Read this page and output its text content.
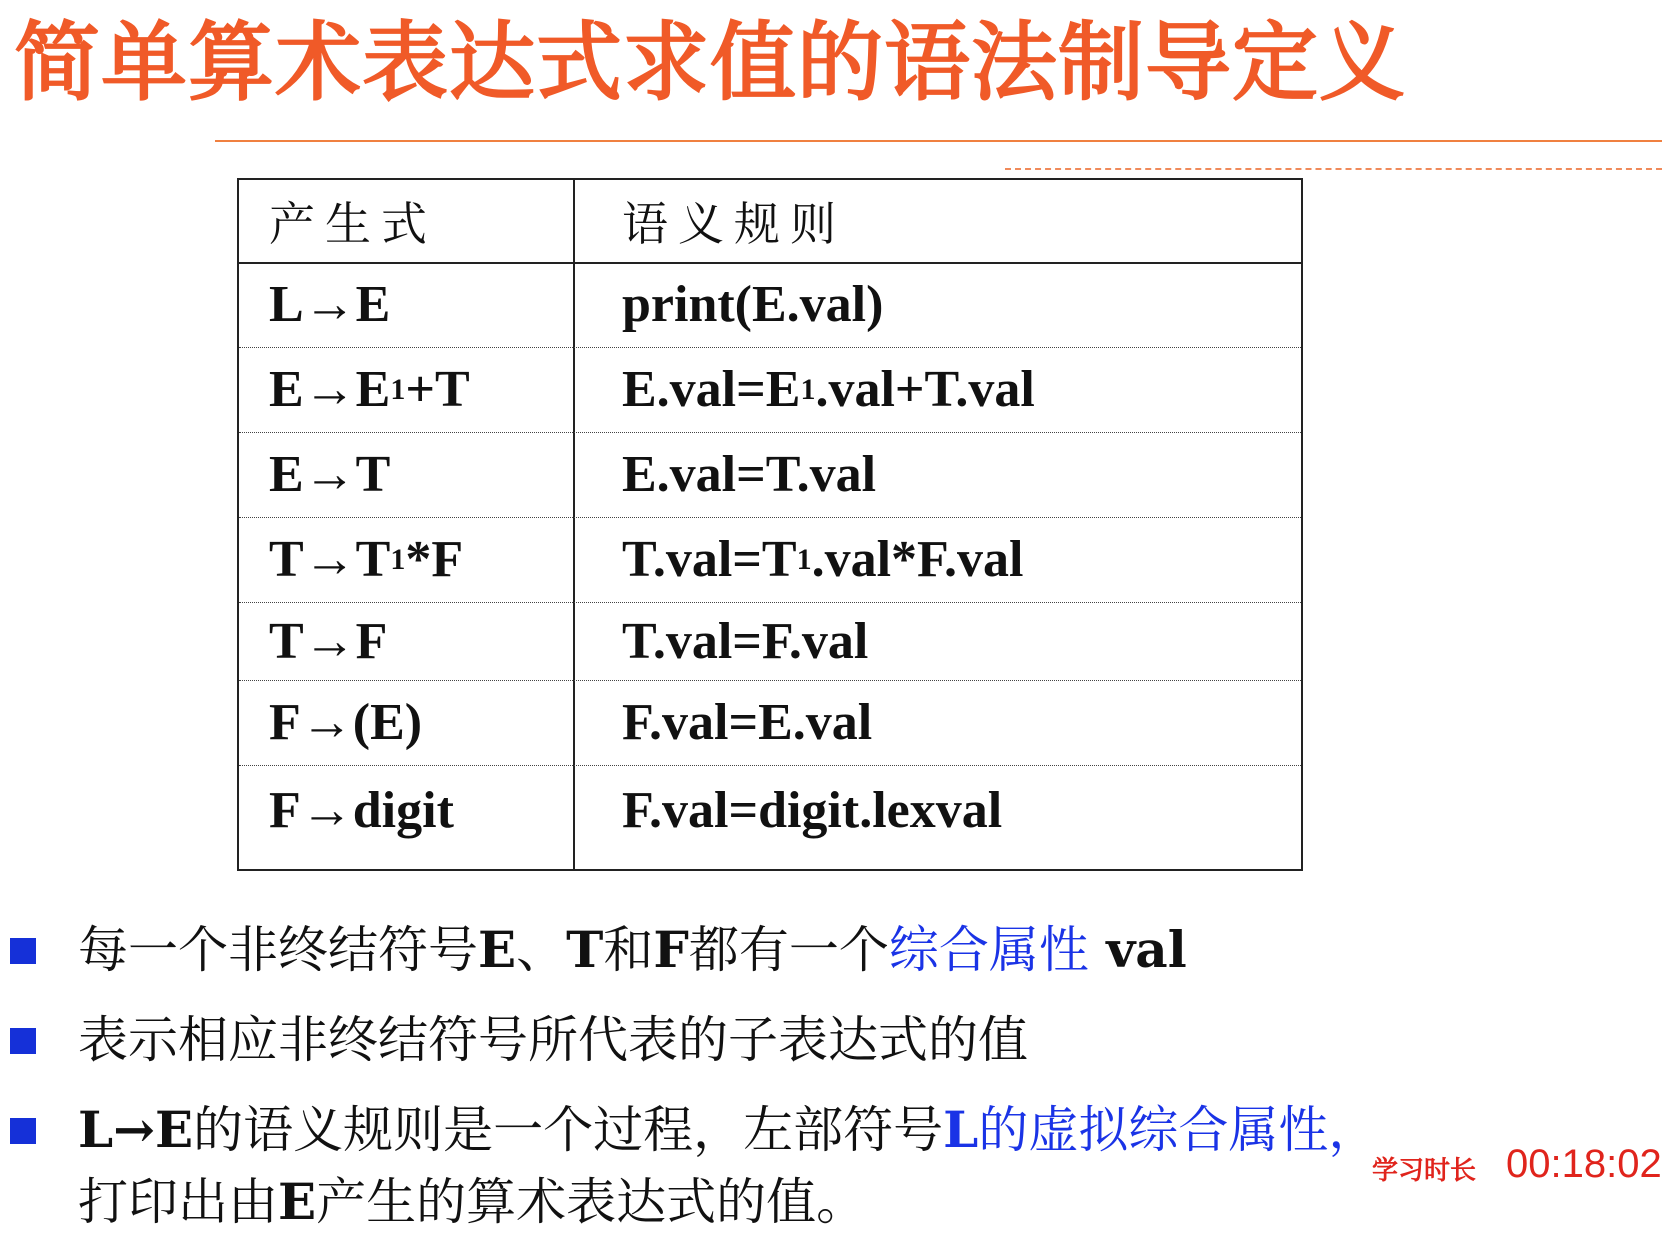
简单算术表达式求值的语法制导定义
产生式	语义规则
L→E	print(E.val)
E→E 1 +T	E.val=E 1 .val+T.val
E→T	E.val=T.val
T→T 1 *F	T.val=T 1 .val*F.val
T→F	T.val=F.val
F→(E)	F.val=E.val
F→digit	F.val=digit.lexval
每一个非终结符号E、T和F都有一个综合属性 val
表示相应非终结符号所代表的子表达式的值
L→E的语义规则是一个过程，左部符号L的虚拟综合属性，
打印出由E产生的算术表达式的值。
学习时长 00:18:02
